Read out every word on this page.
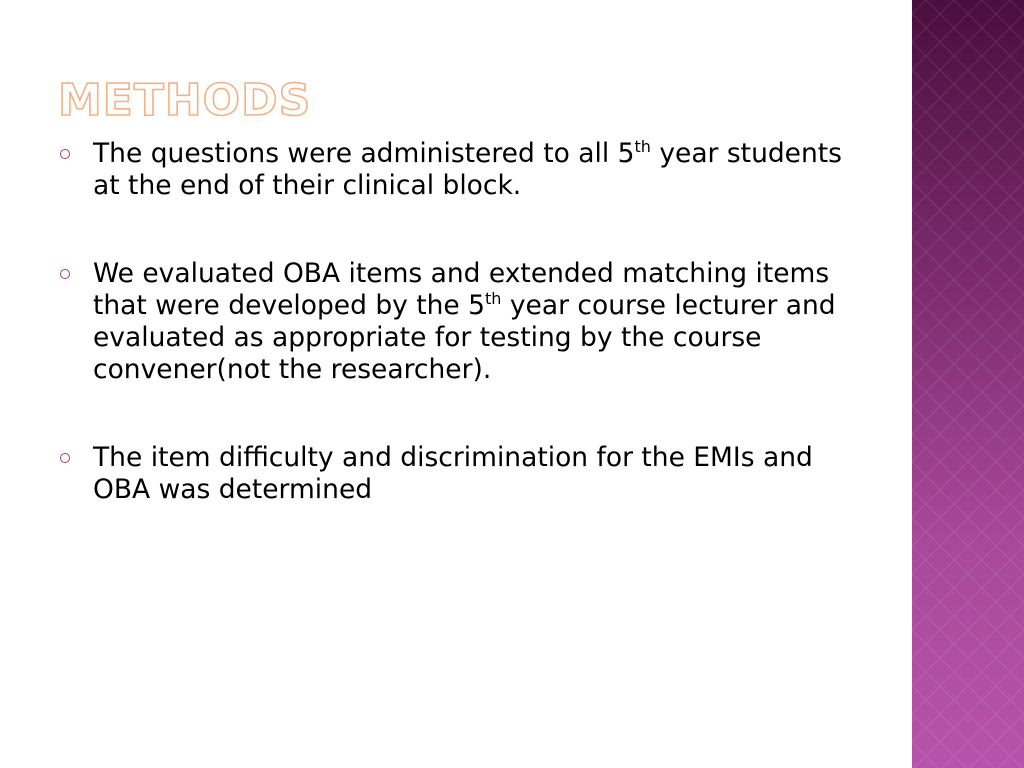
METHODS
The questions were administered to all 5th year students at the end of their clinical block.
We evaluated OBA items and extended matching items that were developed by the 5th year course lecturer and evaluated as appropriate for testing by the course convener(not the researcher).
The item difficulty and discrimination for the EMIs and OBA was determined
